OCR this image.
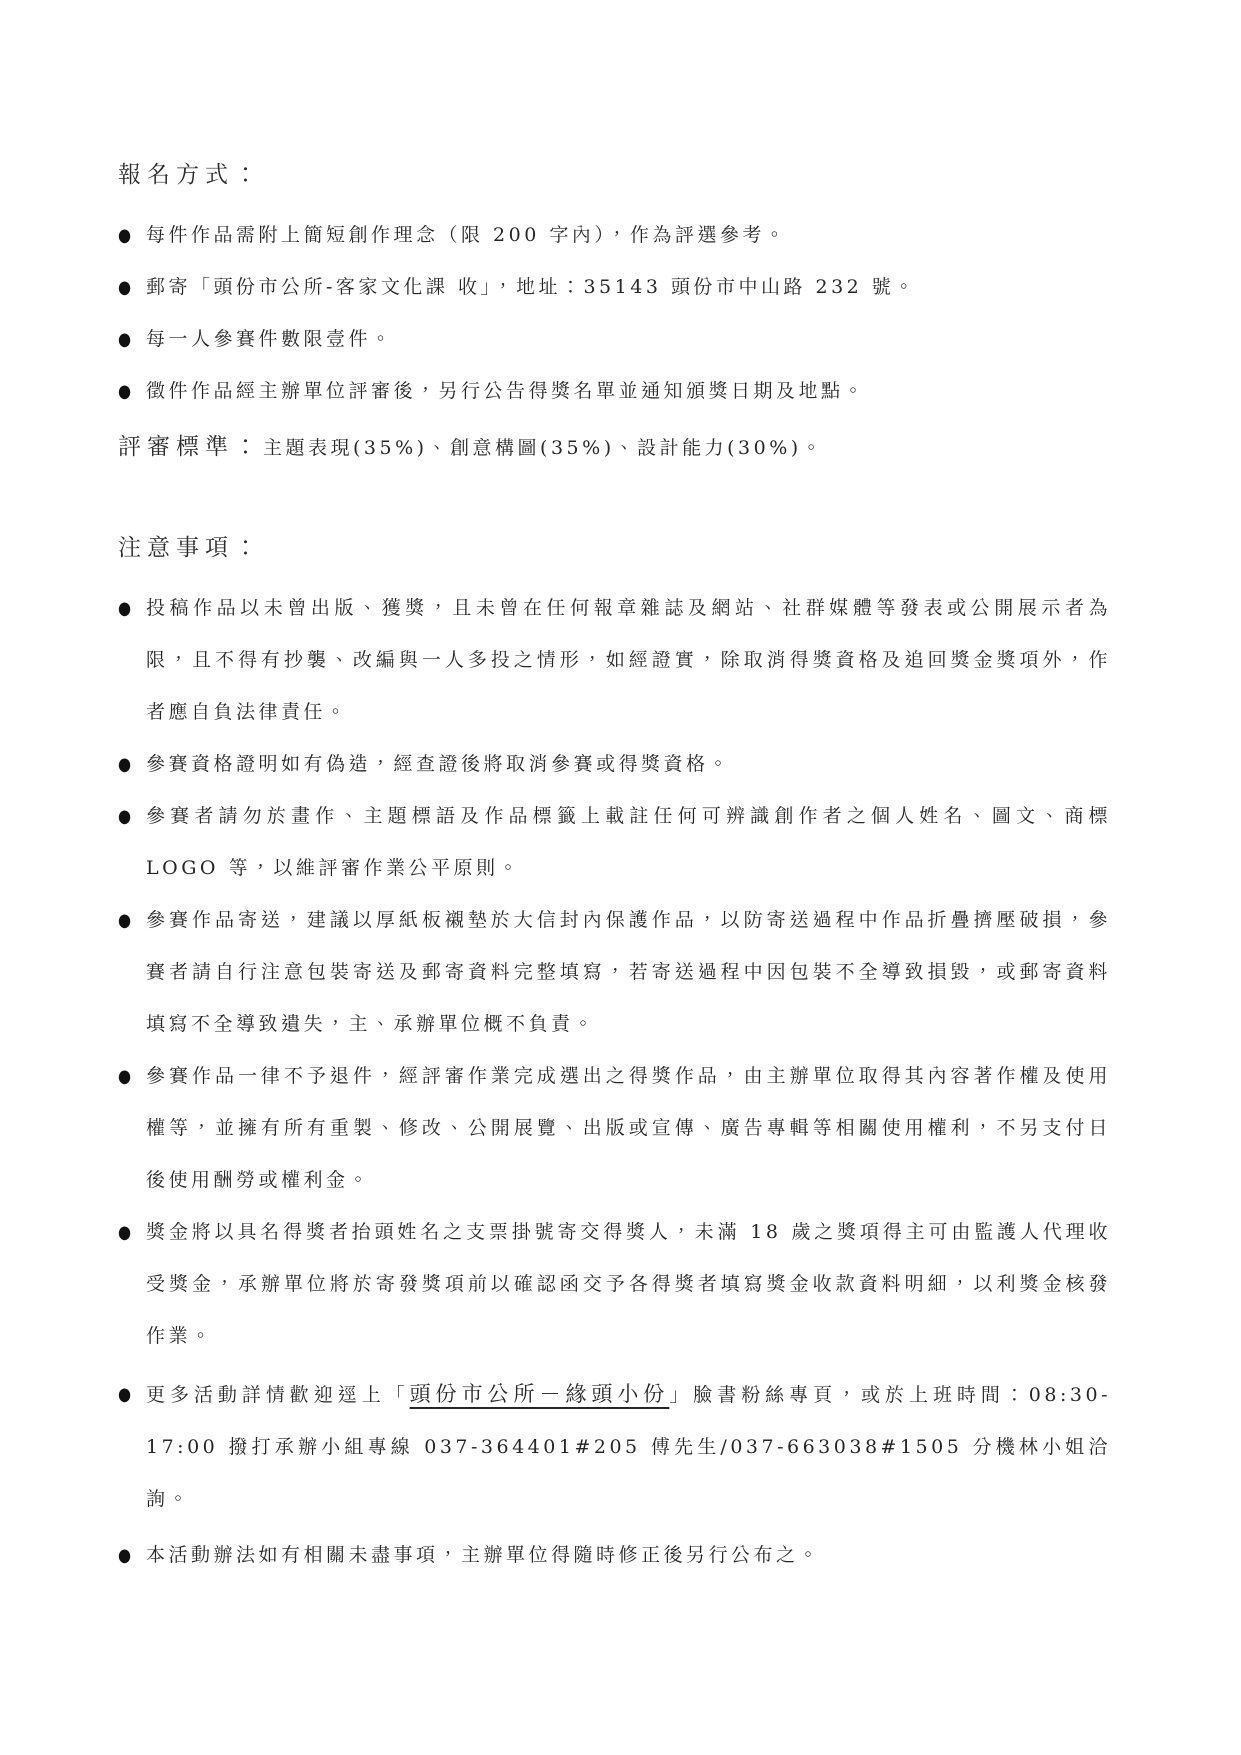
報名方式：
● 每件作品需附上簡短創作理念（限 200 字內），作為評選參考。
● 郵寄「頭份市公所-客家文化課 收」，地址：35143 頭份市中山路 232 號。
● 每一人參賽件數限壹件。
● 徵件作品經主辦單位評審後，另行公告得獎名單並通知頒獎日期及地點。

評審標準：主題表現(35%)、創意構圖(35%)、設計能力(30%)。

注意事項：
● 投稿作品以未曾出版、獲獎，且未曾在任何報章雜誌及網站、社群媒體等發表或公開展示者為限，且不得有抄襲、改編與一人多投之情形，如經證實，除取消得獎資格及追回獎金獎項外，作者應自負法律責任。
● 參賽資格證明如有偽造，經查證後將取消參賽或得獎資格。
● 參賽者請勿於畫作、主題標語及作品標籤上載註任何可辨識創作者之個人姓名、圖文、商標 LOGO 等，以維評審作業公平原則。
● 參賽作品寄送，建議以厚紙板襯墊於大信封內保護作品，以防寄送過程中作品折疊擠壓破損，參賽者請自行注意包裝寄送及郵寄資料完整填寫，若寄送過程中因包裝不全導致損毀，或郵寄資料填寫不全導致遺失，主、承辦單位概不負責。
● 參賽作品一律不予退件，經評審作業完成選出之得獎作品，由主辦單位取得其內容著作權及使用權等，並擁有所有重製、修改、公開展覽、出版或宣傳、廣告專輯等相關使用權利，不另支付日後使用酬勞或權利金。
● 獎金將以具名得獎者抬頭姓名之支票掛號寄交得獎人，未滿 18 歲之獎項得主可由監護人代理收受獎金，承辦單位將於寄發獎項前以確認函交予各得獎者填寫獎金收款資料明細，以利獎金核發作業。
● 更多活動詳情歡迎逕上「頭份市公所－緣頭小份」臉書粉絲專頁，或於上班時間：08:30-17:00 撥打承辦小組專線 037-364401#205 傅先生/037-663038#1505 分機林小姐洽詢。
● 本活動辦法如有相關未盡事項，主辦單位得隨時修正後另行公布之。
